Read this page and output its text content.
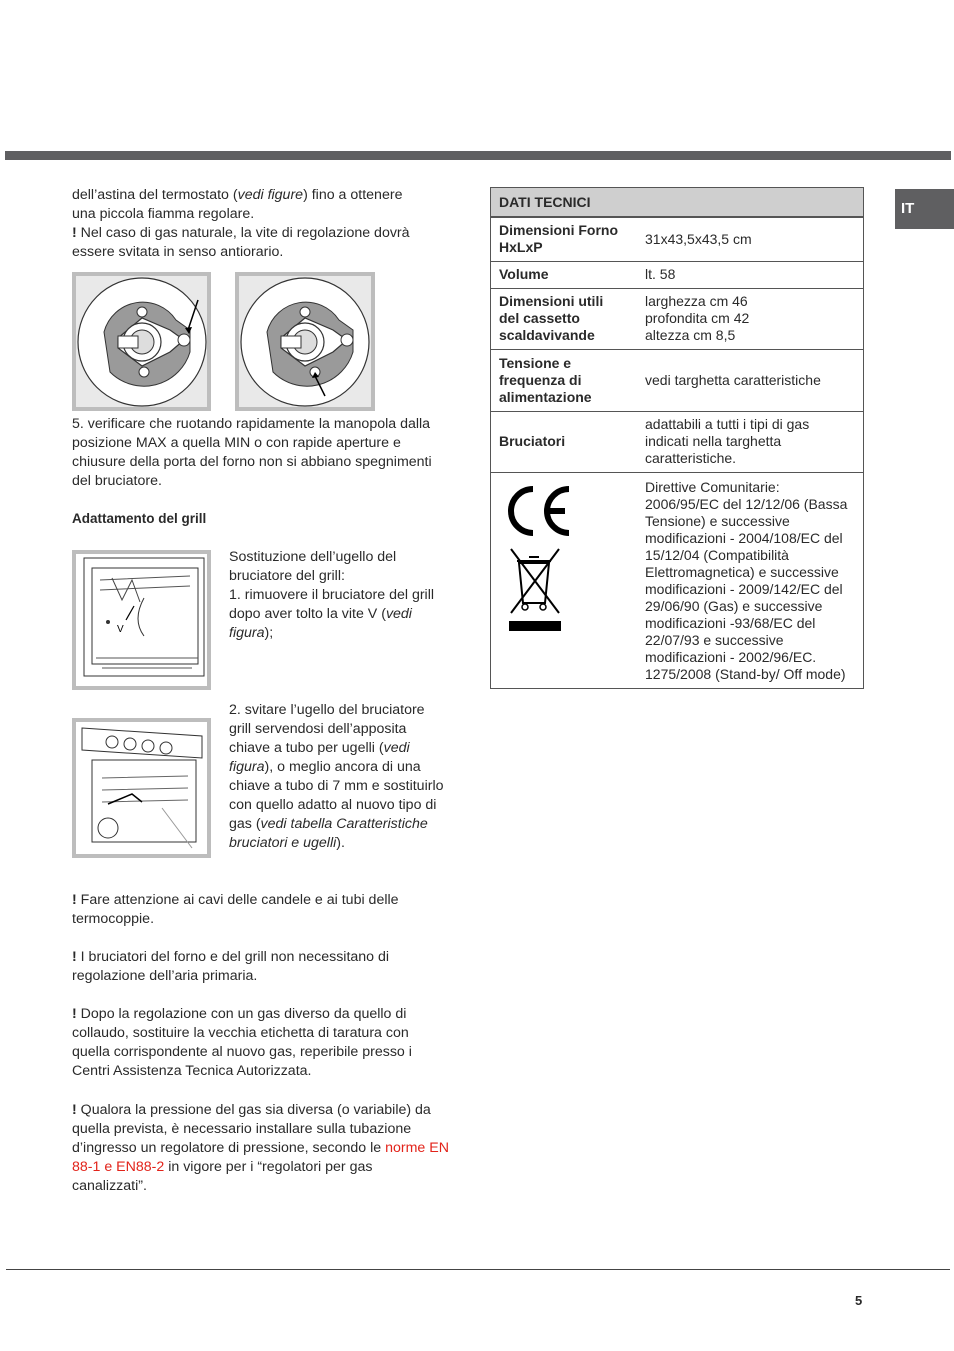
IT

dell’astina del termostato (vedi figure) fino a ottenere
una piccola fiamma regolare.
! Nel caso di gas naturale, la vite di regolazione dovrà essere svitata in senso antiorario.

5. verificare che ruotando rapidamente la manopola dalla posizione MAX a quella MIN o con rapide aperture e chiusure della porta del forno non si abbiano spegnimenti del bruciatore.

Adattamento del grill

V

Sostituzione dell’ugello del bruciatore del grill:
1. rimuovere il bruciatore del grill dopo aver tolto la vite V (vedi figura);

2. svitare l’ugello del bruciatore grill servendosi dell’apposita chiave a tubo per ugelli (vedi figura), o meglio ancora di una chiave a tubo di 7 mm e sostituirlo con quello adatto al nuovo tipo di gas (vedi tabella Caratteristiche bruciatori e ugelli).

! Fare attenzione ai cavi delle candele e ai tubi delle termocoppie.

! I bruciatori del forno e del grill non necessitano di regolazione dell’aria primaria.

! Dopo la regolazione con un gas diverso da quello di collaudo, sostituire la vecchia etichetta di taratura con quella corrispondente al nuovo gas, reperibile presso i Centri Assistenza Tecnica Autorizzata.

! Qualora la pressione del gas sia diversa (o variabile) da quella prevista, è necessario installare sulla tubazione d’ingresso un regolatore di pressione, secondo le norme EN 88-1 e EN88-2 in vigore per i “regolatori per gas canalizzati”.

DATI TECNICI	
Dimensioni Forno HxLxP	31x43,5x43,5 cm
Volume	lt. 58
Dimensioni utili del cassetto scaldavivande	larghezza cm 46
profondita cm 42
altezza cm 8,5
Tensione e frequenza di alimentazione	vedi targhetta caratteristiche
Bruciatori	adattabili a tutti i tipi di gas indicati nella targhetta caratteristiche.
	Direttive Comunitarie: 2006/95/EC del 12/12/06 (Bassa Tensione) e successive modificazioni - 2004/108/EC del 15/12/04 (Compatibilità Elettromagnetica) e successive modificazioni - 2009/142/EC del 29/06/90 (Gas) e successive modificazioni -93/68/EC del 22/07/93 e successive modificazioni - 2002/96/EC. 1275/2008 (Stand-by/ Off mode)
5
